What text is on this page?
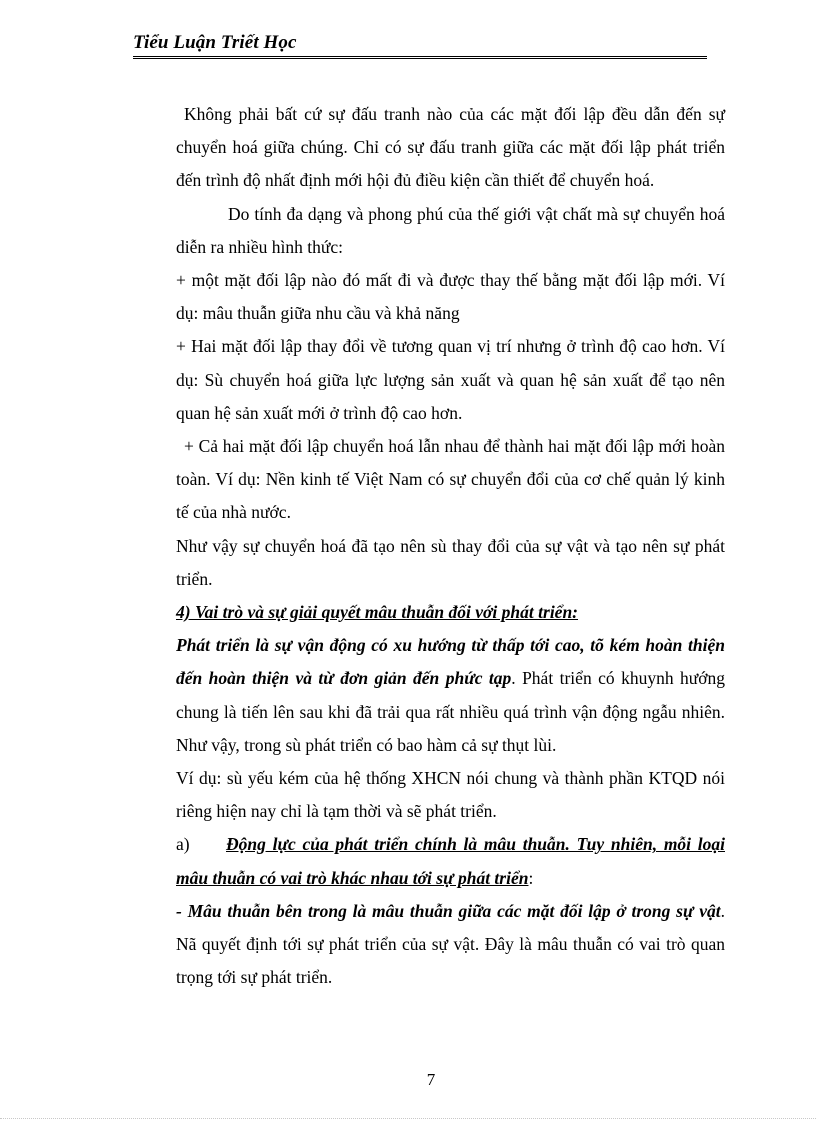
Tiểu Luận Triết Học

Không phải bất cứ sự đấu tranh nào của các mặt đối lập đều dẫn đến sự chuyển hoá giữa chúng. Chỉ có sự đấu tranh giữa các mặt đối lập phát triển đến trình độ nhất định mới hội đủ điều kiện cần thiết để chuyển hoá.

Do tính đa dạng và phong phú của thế giới vật chất mà sự chuyển hoá diễn ra nhiều hình thức:

+ một mặt đối lập nào đó mất đi và được thay thế bằng mặt đối lập mới. Ví dụ: mâu thuẫn giữa nhu cầu và khả năng

+ Hai mặt đối lập thay đổi về tương quan vị trí nhưng ở trình độ cao hơn. Ví dụ: Sù chuyển hoá giữa lực lượng sản xuất và quan hệ sản xuất để tạo nên quan hệ sản xuất mới ở trình độ cao hơn.

+ Cả hai mặt đối lập chuyển hoá lẫn nhau để thành hai mặt đối lập mới hoàn toàn. Ví dụ: Nền kinh tế Việt Nam có sự chuyển đổi của cơ chế quản lý kinh tế của nhà nước.

Như vậy sự chuyển hoá đã tạo nên sù thay đổi của sự vật và tạo nên sự phát triển.

4) Vai trò và sự giải quyết mâu thuẫn đối với phát triển:

Phát triển là sự vận động có xu hướng từ thấp tới cao, tõ kém hoàn thiện đến hoàn thiện và từ đơn giản đến phức tạp. Phát triển có khuynh hướng chung là tiến lên sau khi đã trải qua rất nhiều quá trình vận động ngẫu nhiên. Như vậy, trong sù phát triển có bao hàm cả sự thụt lùi.

Ví dụ: sù yếu kém của hệ thống XHCN nói chung và thành phần KTQD nói riêng hiện nay chỉ là tạm thời và sẽ phát triển.

a) Động lực của phát triển chính là mâu thuẫn. Tuy nhiên, mỗi loại mâu thuẫn có vai trò khác nhau tới sự phát triển:

- Mâu thuẫn bên trong là mâu thuẫn giữa các mặt đối lập ở trong sự vật. Nã quyết định tới sự phát triển của sự vật. Đây là mâu thuẫn có vai trò quan trọng tới sự phát triển.

7
